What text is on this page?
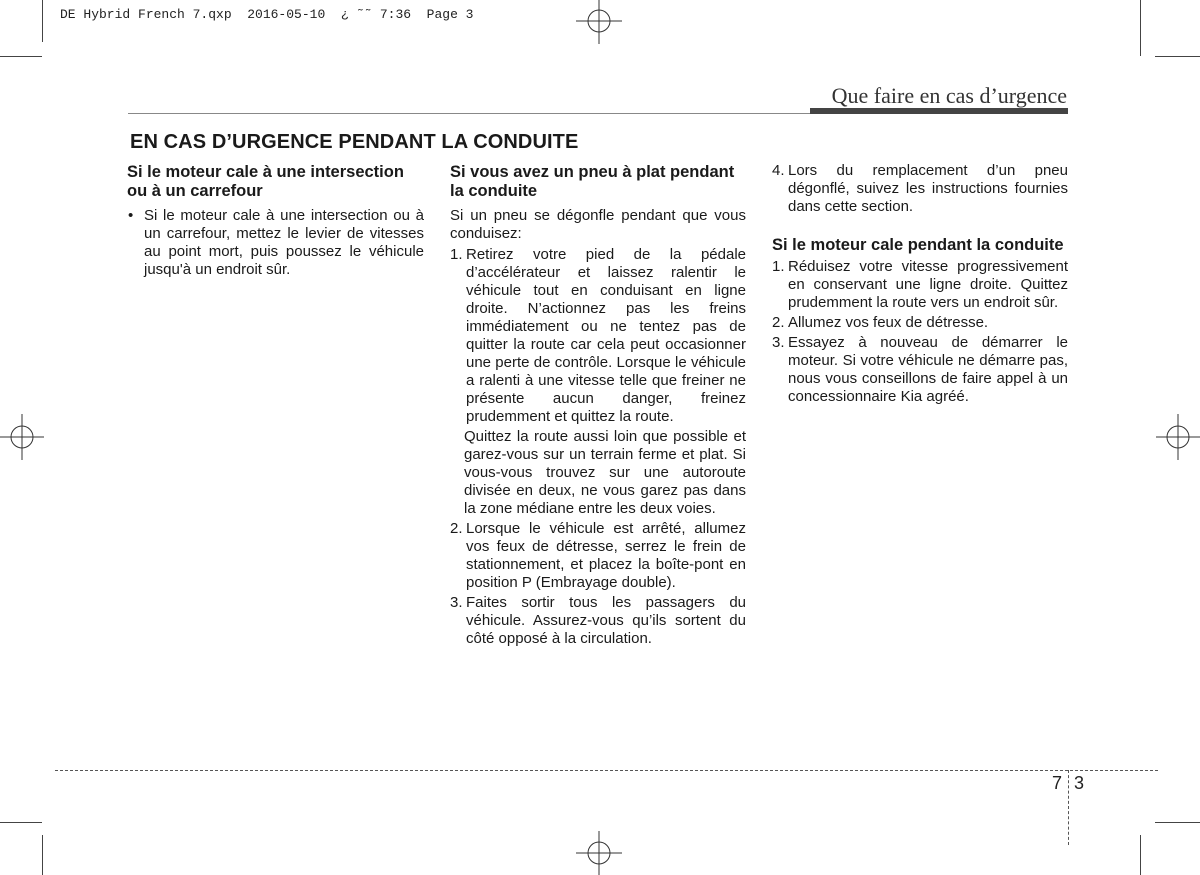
DE Hybrid French 7.qxp  2016-05-10  ¿ ˜˜ 7:36  Page 3
Que faire en cas d’urgence
EN CAS D’URGENCE PENDANT LA CONDUITE
Si le moteur cale à une intersection ou à un carrefour
• Si le moteur cale à une intersection ou à un carrefour, mettez le levier de vitesses au point mort, puis poussez le véhicule jusqu'à un endroit sûr.
Si vous avez un pneu à plat pendant la conduite

Si un pneu se dégonfle pendant que vous conduisez:

1. Retirez votre pied de la pédale d’accélérateur et laissez ralentir le véhicule tout en conduisant en ligne droite. N’actionnez pas les freins immédiatement ou ne tentez pas de quitter la route car cela peut occasionner une perte de contrôle. Lorsque le véhicule a ralenti à une vitesse telle que freiner ne présente aucun danger, freinez prudemment et quittez la route.
Quittez la route aussi loin que possible et garez-vous sur un terrain ferme et plat. Si vous-vous trouvez sur une autoroute divisée en deux, ne vous garez pas dans la zone médiane entre les deux voies.
2. Lorsque le véhicule est arrêté, allumez vos feux de détresse, serrez le frein de stationnement, et placez la boîte-pont en position P (Embrayage double).
3. Faites sortir tous les passagers du véhicule. Assurez-vous qu’ils sortent du côté opposé à la circulation.
4. Lors du remplacement d’un pneu dégonflé, suivez les instructions fournies dans cette section.
Si le moteur cale pendant la conduite
1. Réduisez votre vitesse progressivement en conservant une ligne droite. Quittez prudemment la route vers un endroit sûr.
2. Allumez vos feux de détresse.
3. Essayez à nouveau de démarrer le moteur. Si votre véhicule ne démarre pas, nous vous conseillons de faire appel à un concessionnaire Kia agréé.
7 3
